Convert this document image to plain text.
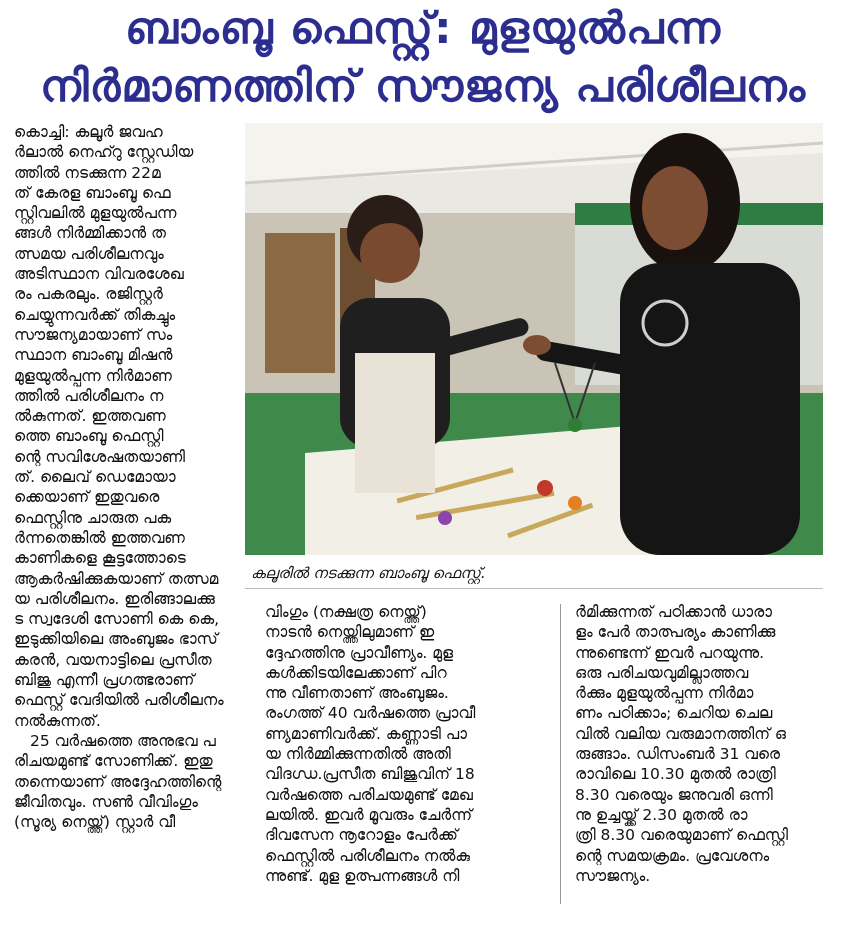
ബാംബൂ ഫെസ്റ്റ്: മുളയുൽപന്ന
നിർമാണത്തിന് സൗജന്യ പരിശീലനം

കൊച്ചി: കലൂർ ജവഹ
ർലാൽ നെഹ്റു സ്റ്റേഡിയ
ത്തിൽ നടക്കുന്ന 22മ
ത് കേരള ബാംബൂ ഫെ
സ്റ്റിവലിൽ മുളയുൽപന്ന
ങ്ങൾ നിർമ്മിക്കാൻ ത
ത്സമയ പരിശീലനവും
അടിസ്ഥാന വിവരശേഖ
രം പകരലും. രജിസ്റ്റർ
ചെയ്യുന്നവർക്ക് തികച്ചും
സൗജന്യമായാണ് സം
സ്ഥാന ബാംബൂ മിഷൻ
മുളയുൽപ്പന്ന നിർമാണ
ത്തിൽ പരിശീലനം ന
ൽകുന്നത്. ഇത്തവണ
ത്തെ ബാംബൂ ഫെസ്റ്റി
ന്റെ സവിശേഷതയാണി
ത്. ലൈവ് ഡെമോയാ
ക്കെയാണ് ഇതുവരെ
ഫെസ്റ്റിനു ചാരുത പക
ർന്നതെങ്കിൽ ഇത്തവണ
കാണികളെ കൂട്ടത്തോടെ
ആകർഷിക്കുകയാണ് തത്സമ
യ പരിശീലനം. ഇരിങ്ങാലക്കു
ട സ്വദേശി സോണി കെ കെ,
ഇടുക്കിയിലെ അംബുജം ഭാസ്
കരൻ, വയനാട്ടിലെ പ്രസീത
ബിജു എന്നീ പ്രഗത്ഭരാണ്
ഫെസ്റ്റ് വേദിയിൽ പരിശീലനം
നൽകുന്നത്.

25 വർഷത്തെ അനുഭവ പ
രിചയമുണ്ട് സോണിക്ക്. ഇതു
തന്നെയാണ് അദ്ദേഹത്തിന്റെ
ജീവിതവും. സൺ വീവിംഗും
(സൂര്യ നെയ്ത്ത്) സ്റ്റാർ വീ

കലൂരിൽ നടക്കുന്ന ബാംബൂ ഫെസ്റ്റ്.

വിംഗും (നക്ഷത്ര നെയ്ത്ത്)
നാടൻ നെയ്ത്തിലുമാണ് ഇ
ദ്ദേഹത്തിനു പ്രാവീണ്യം. മുള
കൾക്കിടയിലേക്കാണ് പിറ
ന്നു വീണതാണ് അംബുജം.
രംഗത്ത് 40 വർഷത്തെ പ്രാവീ
ണ്യമാണിവർക്ക്. കണ്ണാടി പാ
യ നിർമ്മിക്കുന്നതിൽ അതി
വിദഗ്ധ.പ്രസീത ബിജുവിന് 18
വർഷത്തെ പരിചയമുണ്ട് മേഖ
ലയിൽ. ഇവർ മൂവരും ചേർന്ന്
ദിവസേന നൂറോളം പേർക്ക്
ഫെസ്റ്റിൽ പരിശീലനം നൽകു
ന്നുണ്ട്. മുള ഉത്പന്നങ്ങൾ നി

ർമിക്കുന്നത് പഠിക്കാൻ ധാരാ
ളം പേർ താത്പര്യം കാണിക്കു
ന്നുണ്ടെന്ന് ഇവർ പറയുന്നു.
ഒരു പരിചയവുമില്ലാത്തവ
ർക്കും മുളയുൽപ്പന്ന നിർമാ
ണം പഠിക്കാം; ചെറിയ ചെല
വിൽ വലിയ വരുമാനത്തിന് ഒ
രുങ്ങാം. ഡിസംബർ 31 വരെ
രാവിലെ 10.30 മുതൽ രാത്രി
8.30 വരെയും ജനുവരി ഒന്നി
നു ഉച്ചയ്ക്ക് 2.30 മുതൽ രാ
ത്രി 8.30 വരെയുമാണ് ഫെസ്റ്റി
ന്റെ സമയക്രമം. പ്രവേശനം
സൗജന്യം.
